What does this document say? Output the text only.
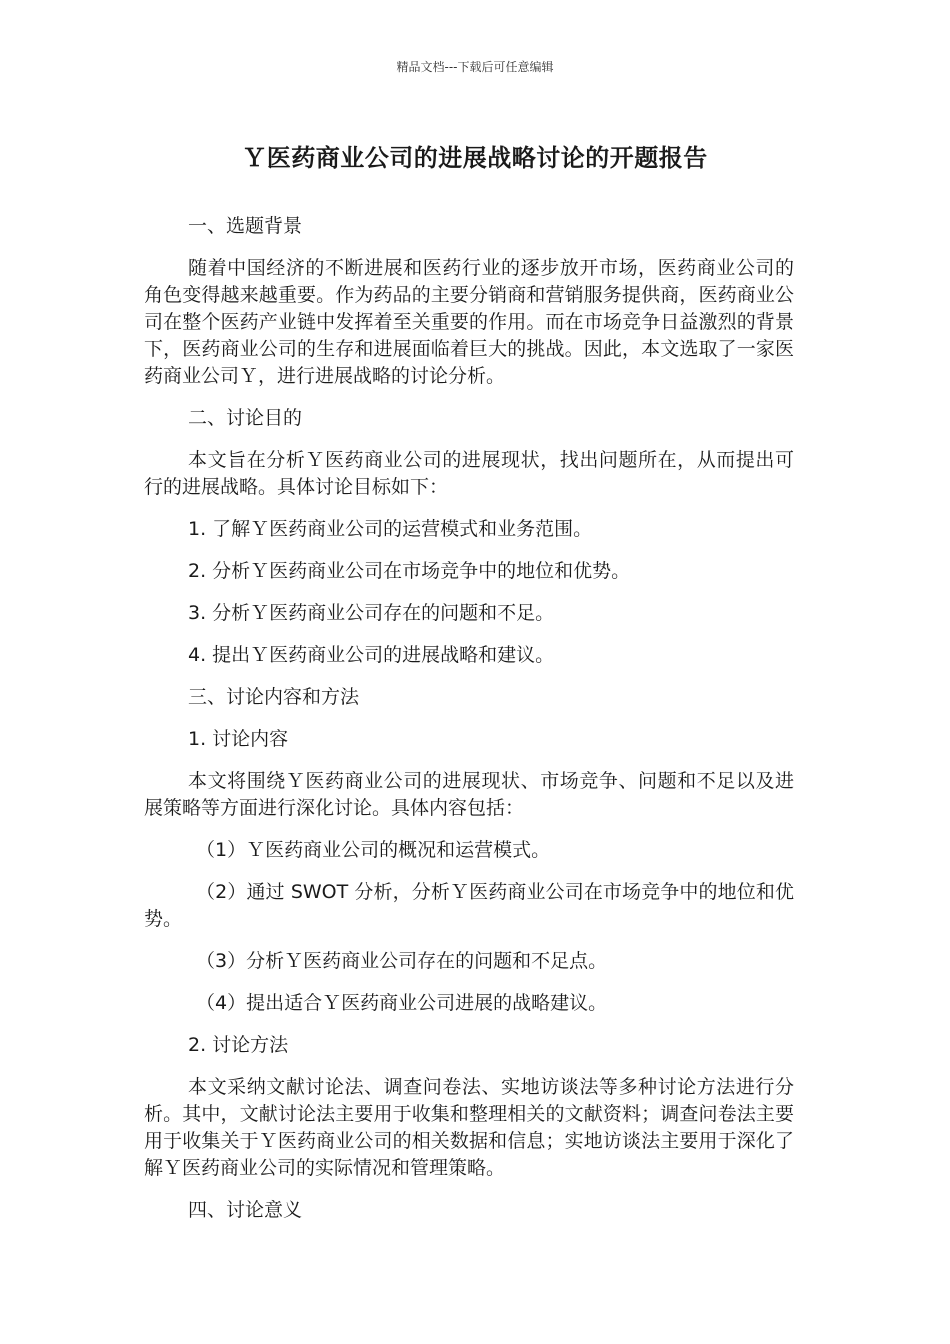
精品文档---下载后可任意编辑
Ｙ医药商业公司的进展战略讨论的开题报告

一、选题背景

随着中国经济的不断进展和医药行业的逐步放开市场，医药商业公司的角色变得越来越重要。作为药品的主要分销商和营销服务提供商，医药商业公司在整个医药产业链中发挥着至关重要的作用。而在市场竞争日益激烈的背景下，医药商业公司的生存和进展面临着巨大的挑战。因此，本文选取了一家医药商业公司Ｙ，进行进展战略的讨论分析。

二、讨论目的

本文旨在分析Ｙ医药商业公司的进展现状，找出问题所在，从而提出可行的进展战略。具体讨论目标如下：

1. 了解Ｙ医药商业公司的运营模式和业务范围。

2. 分析Ｙ医药商业公司在市场竞争中的地位和优势。

3. 分析Ｙ医药商业公司存在的问题和不足。

4. 提出Ｙ医药商业公司的进展战略和建议。

三、讨论内容和方法

1. 讨论内容

本文将围绕Ｙ医药商业公司的进展现状、市场竞争、问题和不足以及进展策略等方面进行深化讨论。具体内容包括：

（1）Ｙ医药商业公司的概况和运营模式。

（2）通过 SWOT 分析，分析Ｙ医药商业公司在市场竞争中的地位和优势。

（3）分析Ｙ医药商业公司存在的问题和不足点。

（4）提出适合Ｙ医药商业公司进展的战略建议。

2. 讨论方法

本文采纳文献讨论法、调查问卷法、实地访谈法等多种讨论方法进行分析。其中，文献讨论法主要用于收集和整理相关的文献资料；调查问卷法主要用于收集关于Ｙ医药商业公司的相关数据和信息；实地访谈法主要用于深化了解Ｙ医药商业公司的实际情况和管理策略。

四、讨论意义
